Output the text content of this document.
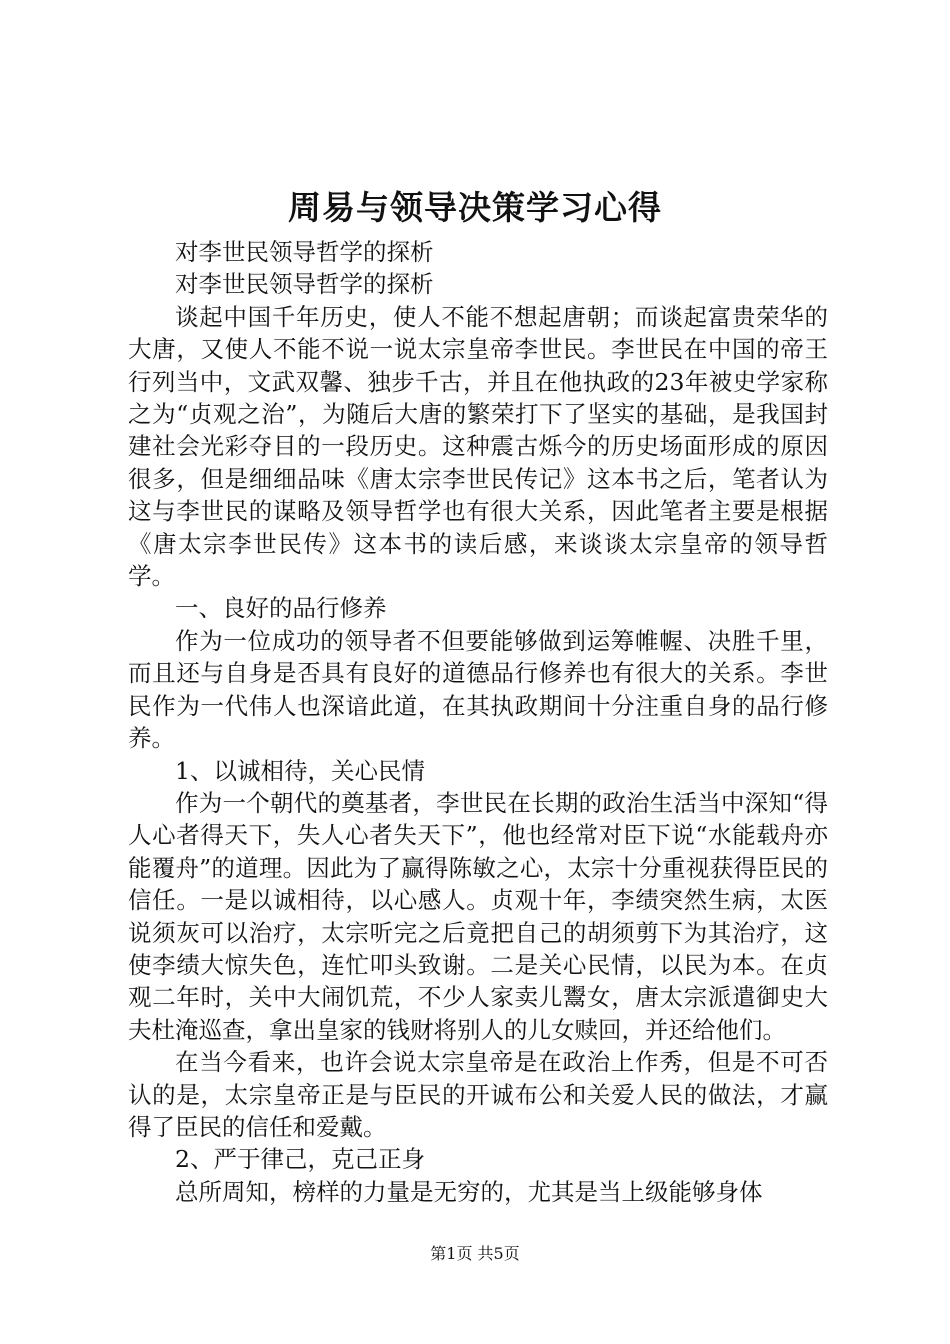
周易与领导决策学习心得

对李世民领导哲学的探析

对李世民领导哲学的探析

谈起中国千年历史，使人不能不想起唐朝；而谈起富贵荣华的大唐，又使人不能不说一说太宗皇帝李世民。李世民在中国的帝王行列当中，文武双馨、独步千古，并且在他执政的23年被史学家称之为“贞观之治”，为随后大唐的繁荣打下了坚实的基础，是我国封建社会光彩夺目的一段历史。这种震古烁今的历史场面形成的原因很多，但是细细品味《唐太宗李世民传记》这本书之后，笔者认为这与李世民的谋略及领导哲学也有很大关系，因此笔者主要是根据《唐太宗李世民传》这本书的读后感，来谈谈太宗皇帝的领导哲学。

一、良好的品行修养

作为一位成功的领导者不但要能够做到运筹帷幄、决胜千里，而且还与自身是否具有良好的道德品行修养也有很大的关系。李世民作为一代伟人也深谙此道，在其执政期间十分注重自身的品行修养。

1、以诚相待，关心民情

作为一个朝代的奠基者，李世民在长期的政治生活当中深知“得人心者得天下，失人心者失天下”，他也经常对臣下说“水能载舟亦能覆舟”的道理。因此为了赢得陈敏之心，太宗十分重视获得臣民的信任。一是以诚相待，以心感人。贞观十年，李绩突然生病，太医说须灰可以治疗，太宗听完之后竟把自己的胡须剪下为其治疗，这使李绩大惊失色，连忙叩头致谢。二是关心民情，以民为本。在贞观二年时，关中大闹饥荒，不少人家卖儿鬻女，唐太宗派遣御史大夫杜淹巡查，拿出皇家的钱财将别人的儿女赎回，并还给他们。

在当今看来，也许会说太宗皇帝是在政治上作秀，但是不可否认的是，太宗皇帝正是与臣民的开诚布公和关爱人民的做法，才赢得了臣民的信任和爱戴。

2、严于律己，克己正身

总所周知，榜样的力量是无穷的，尤其是当上级能够身体

第1页 共5页
